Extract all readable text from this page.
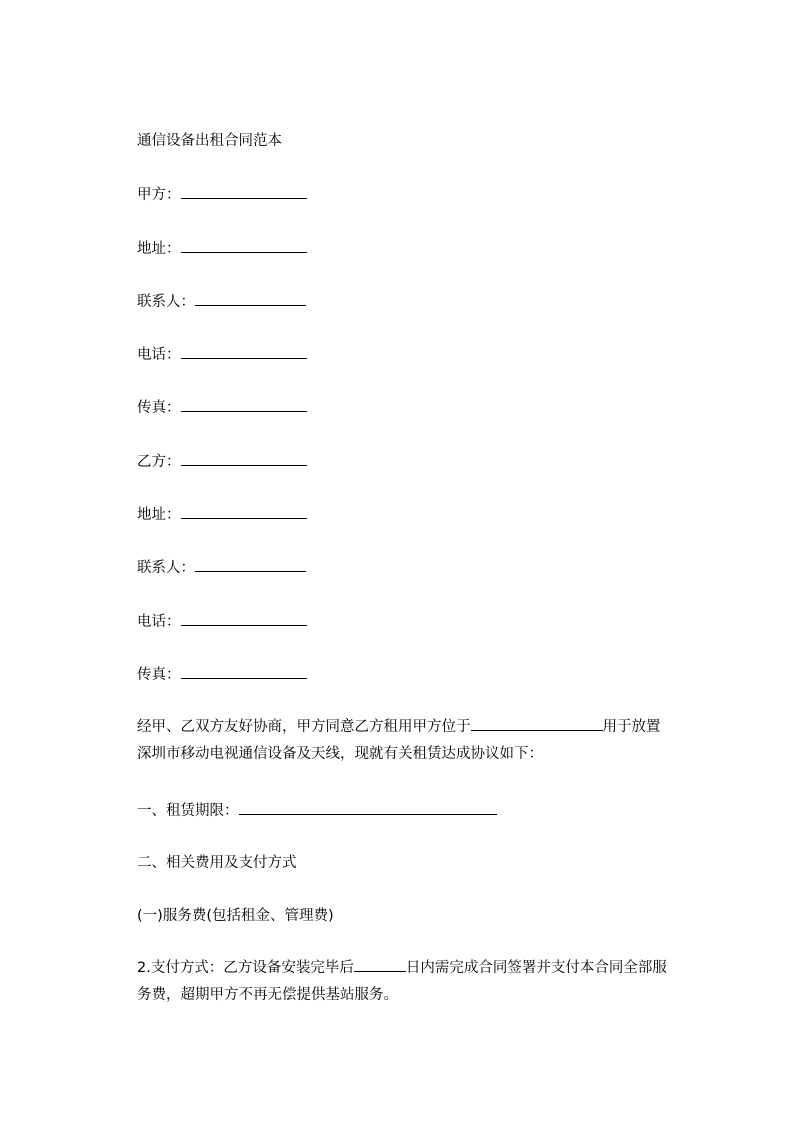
通信设备出租合同范本
甲方：
地址：
联系人：
电话：
传真：
乙方：
地址：
联系人：
电话：
传真：
经甲、乙双方友好协商，甲方同意乙方租用甲方位于	用于放置深圳市移动电视通信设备及天线，现就有关租赁达成协议如下：
一、租赁期限：
二、相关费用及支付方式
(一)服务费(包括租金、管理费)
2.支付方式：乙方设备安装完毕后	日内需完成合同签署并支付本合同全部服务费，超期甲方不再无偿提供基站服务。
